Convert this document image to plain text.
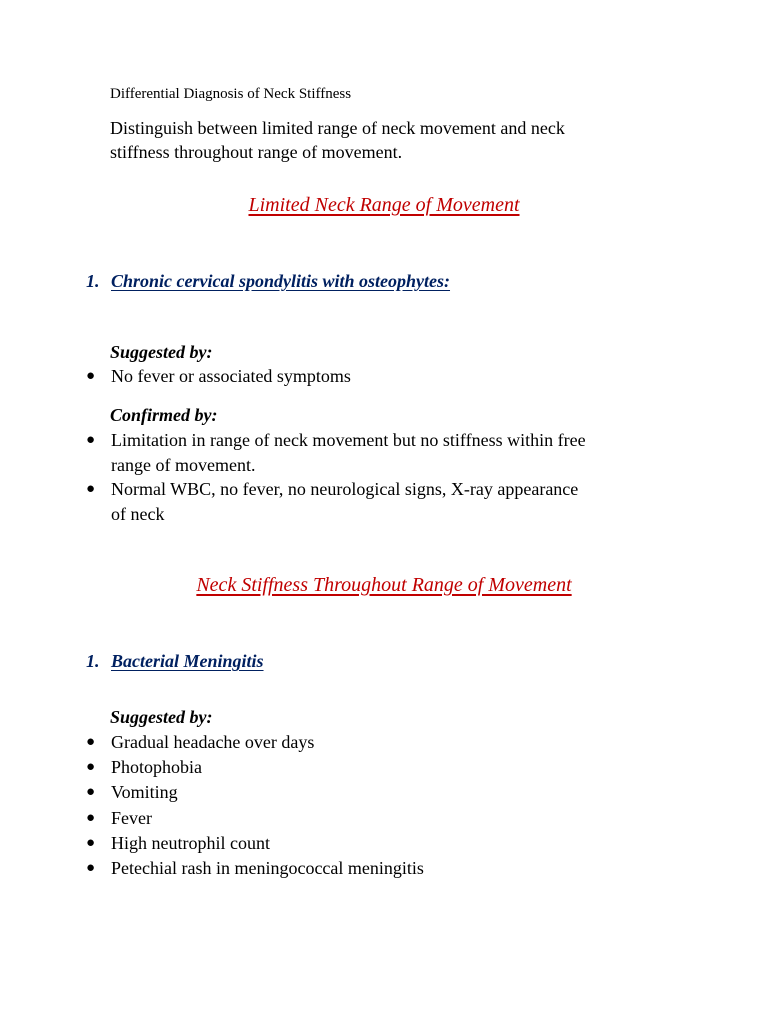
Differential Diagnosis of Neck Stiffness
Distinguish between limited range of neck movement and neck
stiffness throughout range of movement.
Limited Neck Range of Movement
1. Chronic cervical spondylitis with osteophytes:
Suggested by:
● No fever or associated symptoms
Confirmed by:
● Limitation in range of neck movement but no stiffness within free
range of movement.
● Normal WBC, no fever, no neurological signs, X-ray appearance
of neck
Neck Stiffness Throughout Range of Movement
1. Bacterial Meningitis
Suggested by:
● Gradual headache over days
● Photophobia
● Vomiting
● Fever
● High neutrophil count
● Petechial rash in meningococcal meningitis
